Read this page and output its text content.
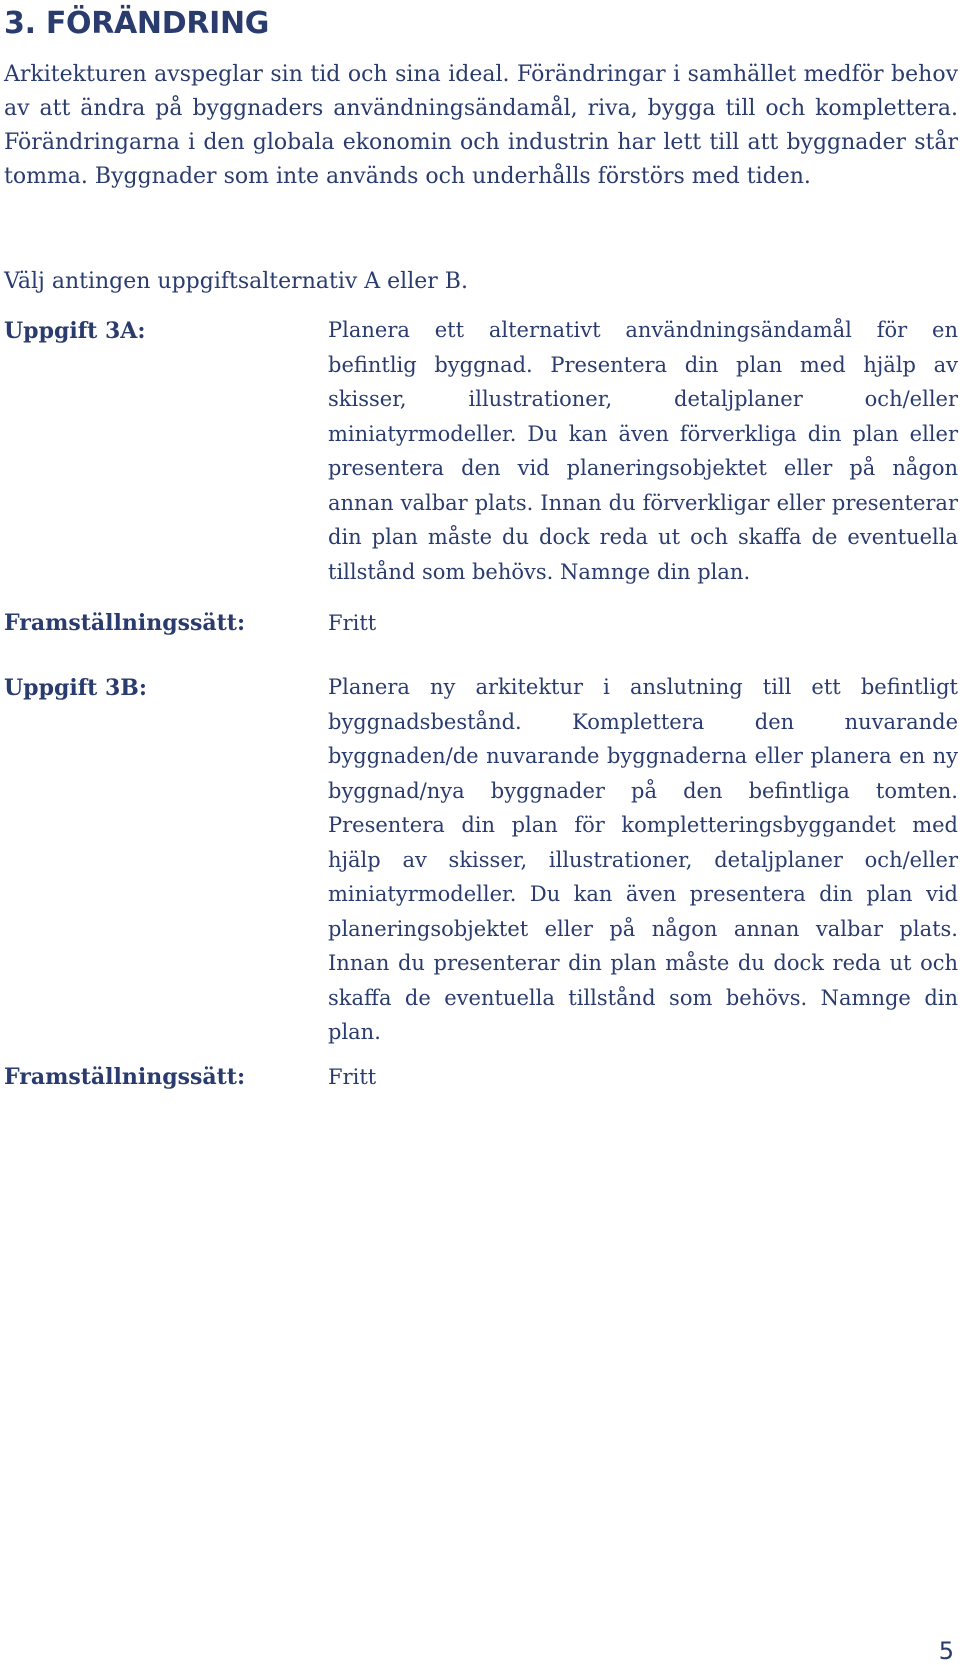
3. FÖRÄNDRING

Arkitekturen avspeglar sin tid och sina ideal. Förändringar i samhället medför behov av att ändra på byggnaders användningsändamål, riva, bygga till och komplettera. Förändringarna i den globala ekonomin och industrin har lett till att byggnader står tomma. Byggnader som inte används och underhålls förstörs med tiden.

Välj antingen uppgiftsalternativ A eller B.

Uppgift 3A:	Planera ett alternativt användningsändamål för en befintlig byggnad. Presentera din plan med hjälp av skisser, illustrationer, detaljplaner och/eller miniatyrmodeller. Du kan även förverkliga din plan eller presentera den vid planeringsobjektet eller på någon annan valbar plats. Innan du förverkligar eller presenterar din plan måste du dock reda ut och skaffa de eventuella tillstånd som behövs. Namnge din plan.

Framställningssätt:	Fritt

Uppgift 3B:	Planera ny arkitektur i anslutning till ett befintligt byggnadsbestånd. Komplettera den nuvarande byggnaden/de nuvarande byggnaderna eller planera en ny byggnad/nya byggnader på den befintliga tomten. Presentera din plan för kompletteringsbyggandet med hjälp av skisser, illustrationer, detaljplaner och/eller miniatyrmodeller. Du kan även presentera din plan vid planeringsobjektet eller på någon annan valbar plats. Innan du presenterar din plan måste du dock reda ut och skaffa de eventuella tillstånd som behövs. Namnge din plan.

Framställningssätt:	Fritt

5
